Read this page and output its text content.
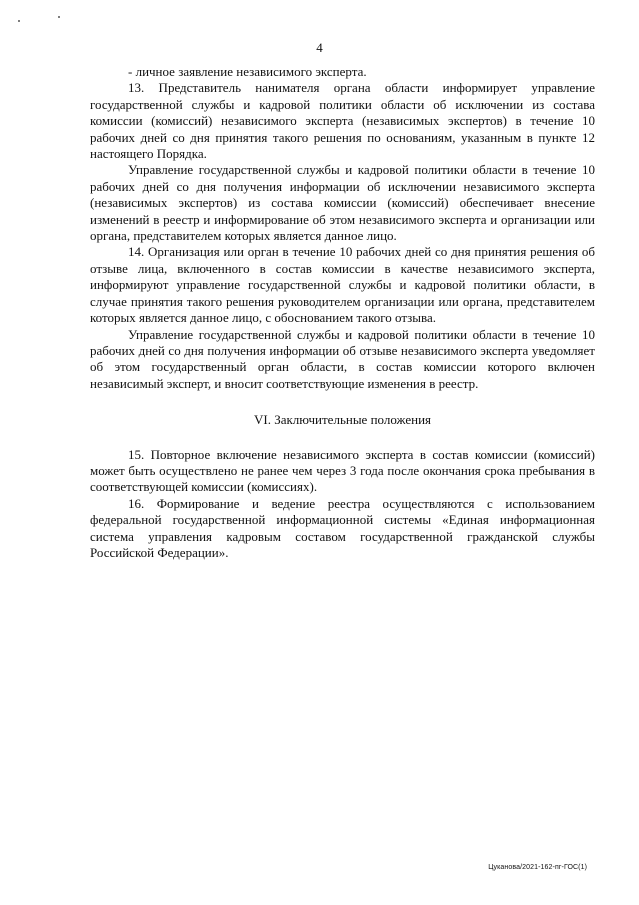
4

- личное заявление независимого эксперта.

13. Представитель нанимателя органа области информирует управление государственной службы и кадровой политики области об исключении из состава комиссии (комиссий) независимого эксперта (независимых экспертов) в течение 10 рабочих дней со дня принятия такого решения по основаниям, указанным в пункте 12 настоящего Порядка.

Управление государственной службы и кадровой политики области в течение 10 рабочих дней со дня получения информации об исключении независимого эксперта (независимых экспертов) из состава комиссии (комиссий) обеспечивает внесение изменений в реестр и информирование об этом независимого эксперта и организации или органа, представителем которых является данное лицо.

14. Организация или орган в течение 10 рабочих дней со дня принятия решения об отзыве лица, включенного в состав комиссии в качестве независимого эксперта, информируют управление государственной службы и кадровой политики области, в случае принятия такого решения руководителем организации или органа, представителем которых является данное лицо, с обоснованием такого отзыва.

Управление государственной службы и кадровой политики области в течение 10 рабочих дней со дня получения информации об отзыве независимого эксперта уведомляет об этом государственный орган области, в состав комиссии которого включен независимый эксперт, и вносит соответствующие изменения в реестр.

VI. Заключительные положения

15. Повторное включение независимого эксперта в состав комиссии (комиссий) может быть осуществлено не ранее чем через 3 года после окончания срока пребывания в соответствующей комиссии (комиссиях).

16. Формирование и ведение реестра осуществляются с использованием федеральной государственной информационной системы «Единая информационная система управления кадровым составом государственной гражданской службы Российской Федерации».

Цуканова/2021-162-пг-ГОС(1)
